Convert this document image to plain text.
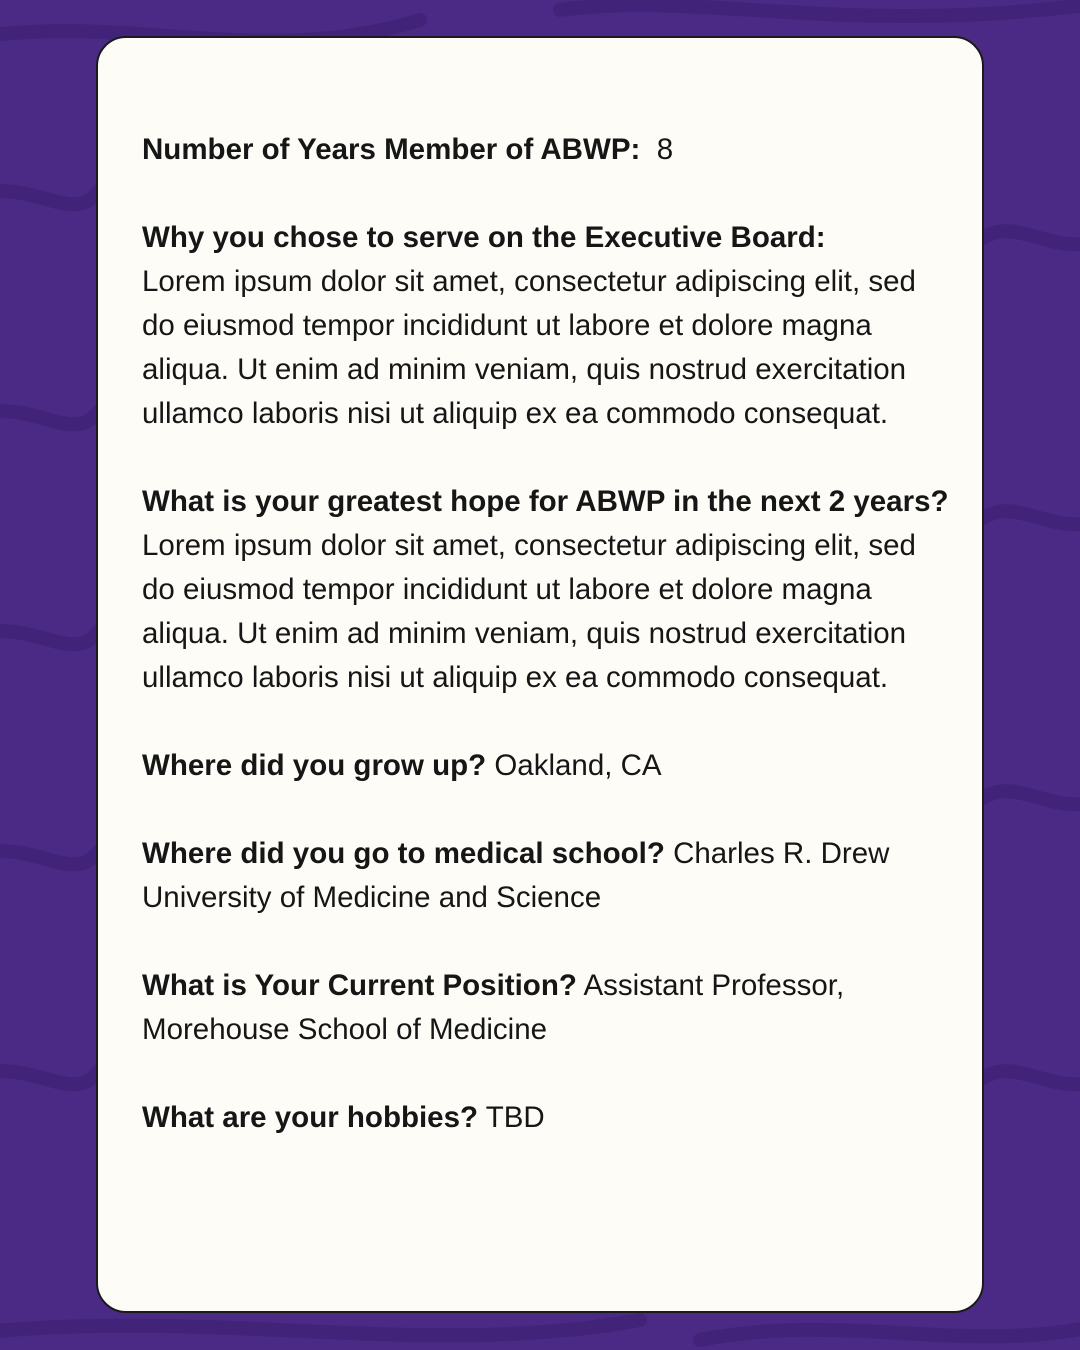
Number of Years Member of ABWP: 8

Why you chose to serve on the Executive Board:
Lorem ipsum dolor sit amet, consectetur adipiscing elit, sed do eiusmod tempor incididunt ut labore et dolore magna aliqua. Ut enim ad minim veniam, quis nostrud exercitation ullamco laboris nisi ut aliquip ex ea commodo consequat.

What is your greatest hope for ABWP in the next 2 years? Lorem ipsum dolor sit amet, consectetur adipiscing elit, sed do eiusmod tempor incididunt ut labore et dolore magna aliqua. Ut enim ad minim veniam, quis nostrud exercitation ullamco laboris nisi ut aliquip ex ea commodo consequat.

Where did you grow up? Oakland, CA

Where did you go to medical school? Charles R. Drew University of Medicine and Science

What is Your Current Position? Assistant Professor, Morehouse School of Medicine

What are your hobbies? TBD
